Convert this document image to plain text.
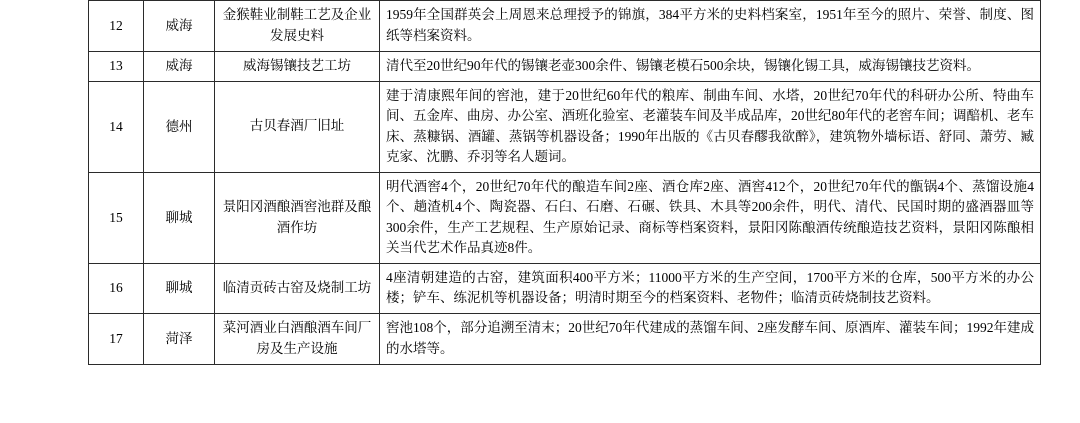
12	威海	金猴鞋业制鞋工艺及企业发展史料	1959年全国群英会上周恩来总理授予的锦旗，384平方米的史料档案室，1951年至今的照片、荣誉、制度、图纸等档案资料。

13	威海	威海锡镶技艺工坊	清代至20世纪90年代的锡镶老壶300余件、锡镶老模石500余块，锡镶化锡工具，威海锡镶技艺资料。

14	德州	古贝春酒厂旧址	建于清康熙年间的窖池，建于20世纪60年代的粮库、制曲车间、水塔，20世纪70年代的科研办公所、特曲车间、五金库、曲房、办公室、酒班化验室、老灌装车间及半成品库，20世纪80年代的老窖车间；调醅机、老车床、蒸糠锅、酒罐、蒸锅等机器设备；1990年出版的《古贝春醪我欲醉》，建筑物外墙标语、舒同、萧劳、臧克家、沈鹏、乔羽等名人题词。

15	聊城	景阳冈酒酿酒窖池群及酿酒作坊	明代酒窖4个，20世纪70年代的酿造车间2座、酒仓库2座、酒窖412个，20世纪70年代的甑锅4个、蒸馏设施4个、趟渣机4个、陶瓷器、石臼、石磨、石碾、铁具、木具等200余件，明代、清代、民国时期的盛酒器皿等300余件，生产工艺规程、生产原始记录、商标等档案资料，景阳冈陈酿酒传统酿造技艺资料，景阳冈陈酿相关当代艺术作品真迹8件。

16	聊城	临清贡砖古窑及烧制工坊	4座清朝建造的古窑，建筑面积400平方米；11000平方米的生产空间，1700平方米的仓库，500平方米的办公楼；铲车、练泥机等机器设备；明清时期至今的档案资料、老物件；临清贡砖烧制技艺资料。

17	菏泽	菜河酒业白酒酿酒车间厂房及生产设施	窖池108个，部分追溯至清末；20世纪70年代建成的蒸馏车间、2座发酵车间、原酒库、灌装车间；1992年建成的水塔等。
